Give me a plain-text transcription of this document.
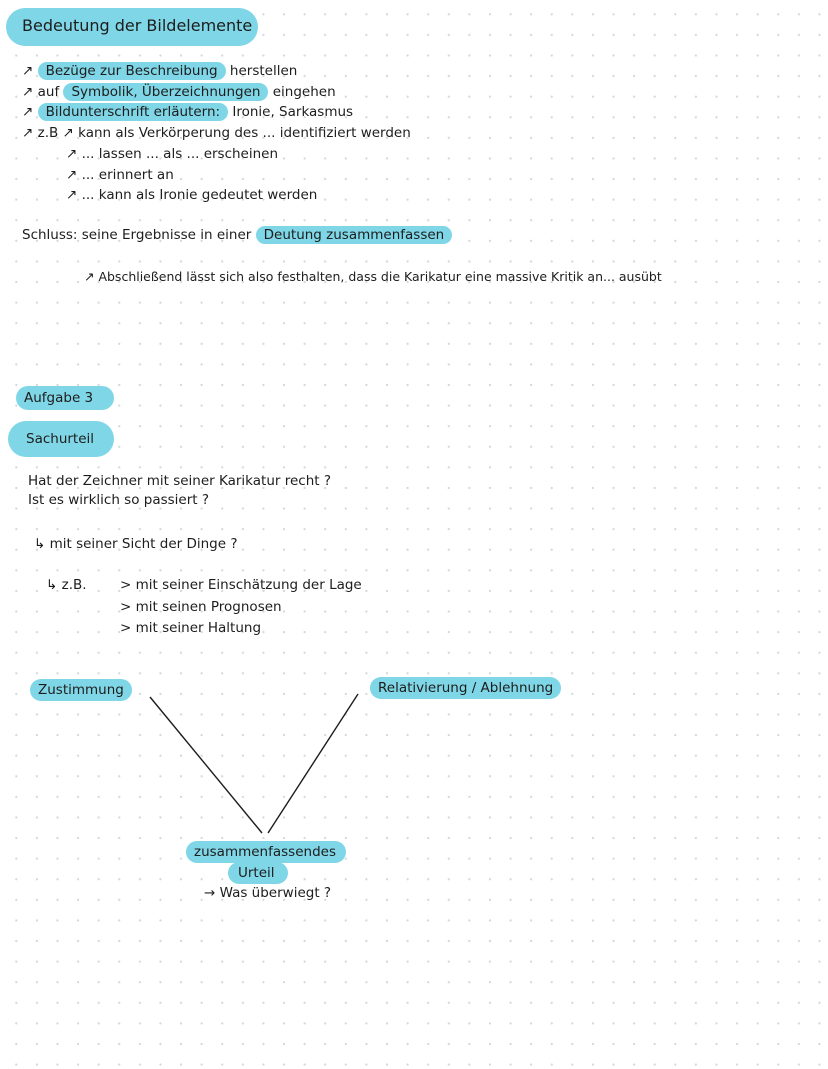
Bedeutung der Bildelemente
↗ Bezüge zur Beschreibung herstellen
↗ auf Symbolik, Überzeichnungen eingehen
↗ Bildunterschrift erläutern: Ironie, Sarkasmus
↗ z.B ↗ kann als Verkörperung des ... identifiziert werden
↗ ... lassen ... als ... erscheinen
↗ ... erinnert an
↗ ... kann als Ironie gedeutet werden
Schluss: seine Ergebnisse in einer Deutung zusammenfassen
↗ Abschließend lässt sich also festhalten, dass die Karikatur eine massive Kritik an... ausübt
Aufgabe 3
Sachurteil
Hat der Zeichner mit seiner Karikatur recht ?
Ist es wirklich so passiert ?
↳ mit seiner Sicht der Dinge ?
↳ z.B. > mit seiner Einschätzung der Lage
> mit seinen Prognosen
> mit seiner Haltung
Zustimmung	Relativierung / Ablehnung
zusammenfassendes
Urteil
→ Was überwiegt ?
